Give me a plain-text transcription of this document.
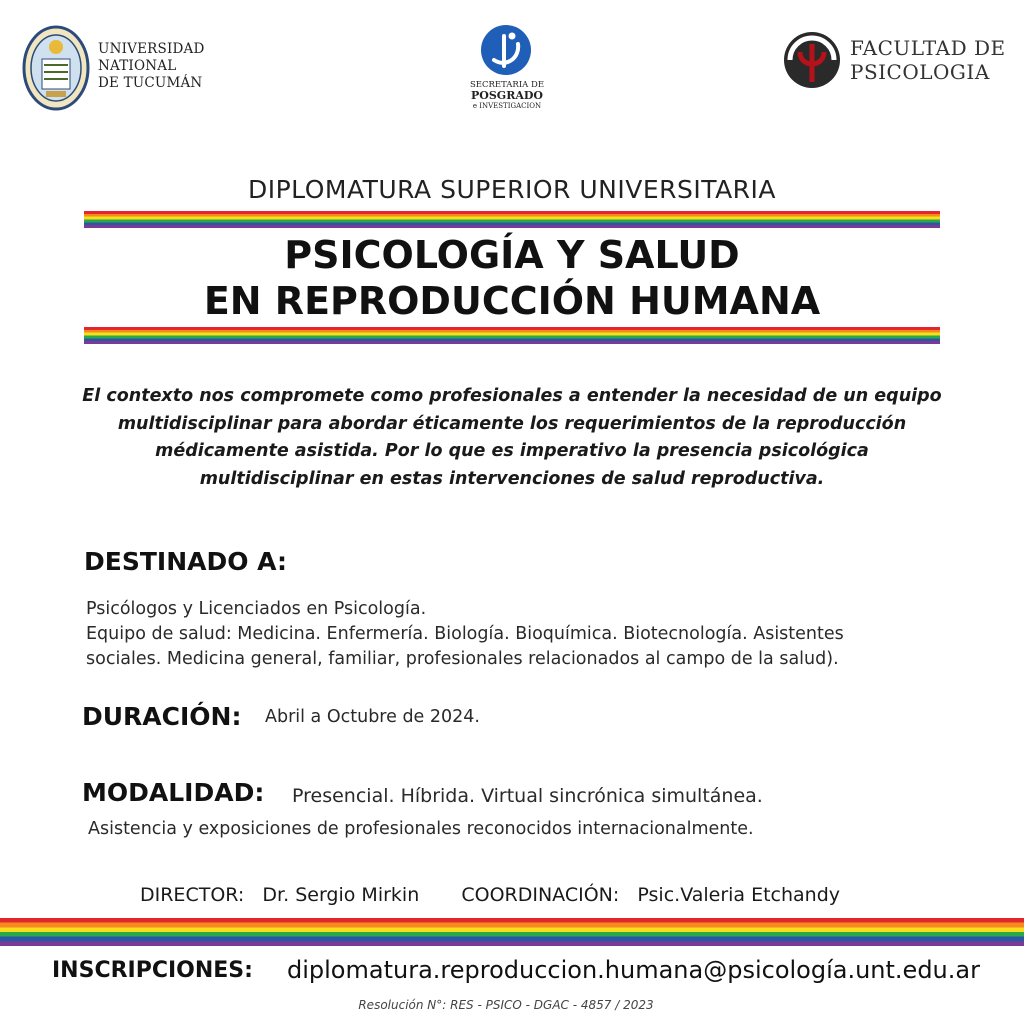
UNIVERSIDAD
NATIONAL
DE TUCUMÁN	SECRETARIA DE
POSGRADO
e INVESTIGACION
FACULTAD DE
PSICOLOGIA
DIPLOMATURA SUPERIOR UNIVERSITARIA
PSICOLOGÍA Y SALUD
EN REPRODUCCIÓN HUMANA
El contexto nos compromete como profesionales a entender la necesidad de un equipo
multidisciplinar para abordar éticamente los requerimientos de la reproducción
médicamente asistida. Por lo que es imperativo la presencia psicológica
multidisciplinar en estas intervenciones de salud reproductiva.
DESTINADO A:
Psicólogos y Licenciados en Psicología.
Equipo de salud: Medicina. Enfermería. Biología. Bioquímica. Biotecnología. Asistentes
sociales. Medicina general, familiar, profesionales relacionados al campo de la salud).
DURACIÓN: Abril a Octubre de 2024.
MODALIDAD: Presencial. Híbrida. Virtual sincrónica simultánea.
Asistencia y exposiciones de profesionales reconocidos internacionalmente.
DIRECTOR:   Dr. Sergio Mirkin COORDINACIÓN:   Psic.Valeria Etchandy
INSCRIPCIONES: diplomatura.reproduccion.humana@psicología.unt.edu.ar
Resolución N°: RES - PSICO - DGAC - 4857 / 2023
